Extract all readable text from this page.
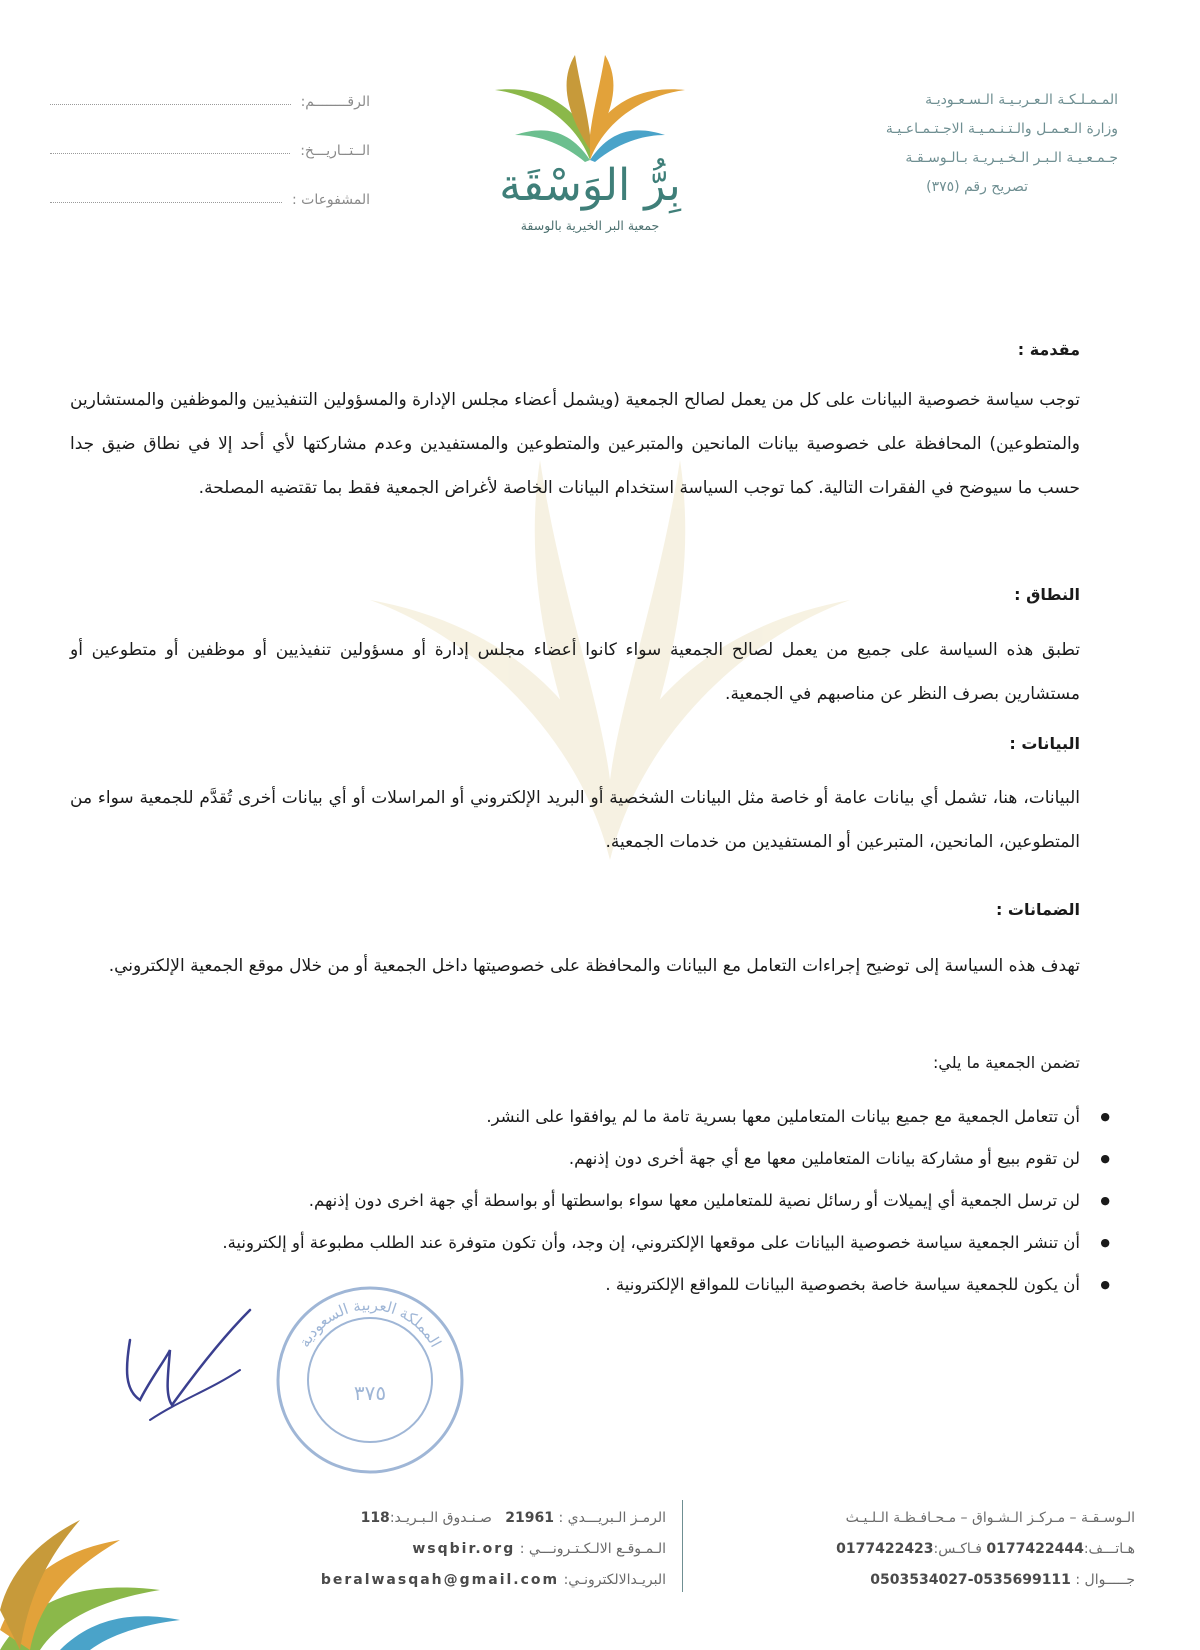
الرقــــــــم:
الــتــاريـــخ:
المشفوعات :	بِرُّ الوَسْقَة
جمعية البر الخيرية بالوسقة
المـمـلـكـة الـعـربـيـة الـسـعـوديـة
وزارة الـعـمـل والـتـنـمـيـة الاجـتـمـاعـيـة
جـمـعـيـة الـبـر الـخـيـريـة بـالـوسـقـة
تصريح رقم (٣٧٥)
مقدمة :
توجب سياسة خصوصية البيانات على كل من يعمل لصالح الجمعية (ويشمل أعضاء مجلس الإدارة والمسؤولين التنفيذيين والموظفين والمستشارين والمتطوعين) المحافظة على خصوصية بيانات المانحين والمتبرعين والمتطوعين والمستفيدين وعدم مشاركتها لأي أحد إلا في نطاق ضيق جدا حسب ما سيوضح في الفقرات التالية. كما توجب السياسة استخدام البيانات الخاصة لأغراض الجمعية فقط بما تقتضيه المصلحة.
النطاق :
تطبق هذه السياسة على جميع من يعمل لصالح الجمعية سواء كانوا أعضاء مجلس إدارة أو مسؤولين تنفيذيين أو موظفين أو متطوعين أو مستشارين بصرف النظر عن مناصبهم في الجمعية.
البيانات :
البيانات، هنا، تشمل أي بيانات عامة أو خاصة مثل البيانات الشخصية أو البريد الإلكتروني أو المراسلات أو أي بيانات أخرى تُقدَّم للجمعية سواء من المتطوعين، المانحين، المتبرعين أو المستفيدين من خدمات الجمعية.
الضمانات :
تهدف هذه السياسة إلى توضيح إجراءات التعامل مع البيانات والمحافظة على خصوصيتها داخل الجمعية أو من خلال موقع الجمعية الإلكتروني.
تضمن الجمعية ما يلي:
● أن تتعامل الجمعية مع جميع بيانات المتعاملين معها بسرية تامة ما لم يوافقوا على النشر.
● لن تقوم ببيع أو مشاركة بيانات المتعاملين معها مع أي جهة أخرى دون إذنهم.
● لن ترسل الجمعية أي إيميلات أو رسائل نصية للمتعاملين معها سواء بواسطتها أو بواسطة أي جهة اخرى دون إذنهم.
● أن تنشر الجمعية سياسة خصوصية البيانات على موقعها الإلكتروني، إن وجد، وأن تكون متوفرة عند الطلب مطبوعة أو إلكترونية.
● أن يكون للجمعية سياسة خاصة بخصوصية البيانات للمواقع الإلكترونية .
المملكة العربية السعودية
٣٧٥
الـوسـقـة – مـركـز الـشـواق – مـحـافـظـة الـلـيـث
هـاتـــف:0177422444 فـاكـس:0177422423
جـــــوال : 0535699111-0503534027
الرمـز الـبريـــدي : 21961   صـنـدوق الـبـريـد:118
الـمـوقـع الالـكـتـرونـــي : wsqbir.org
البريـدالالكترونـي: beralwasqah@gmail.com
